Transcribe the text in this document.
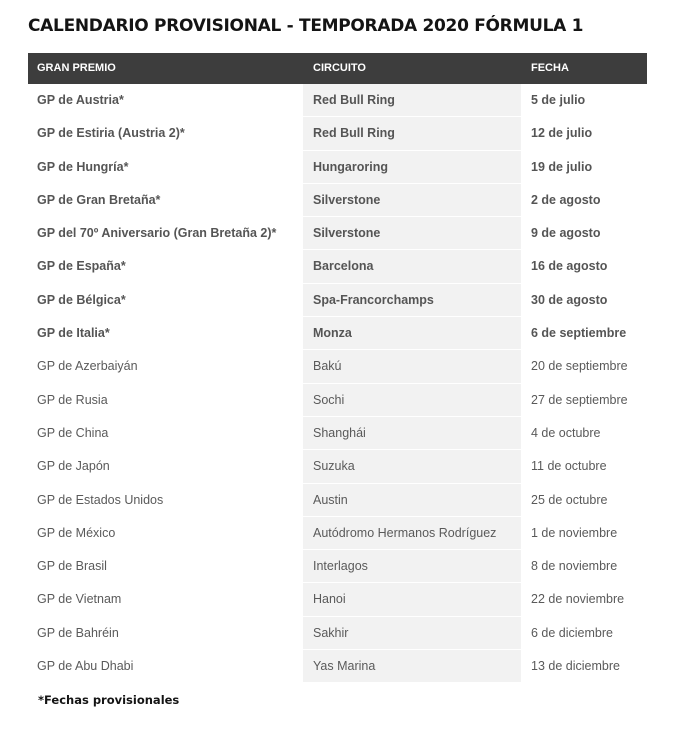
CALENDARIO PROVISIONAL - TEMPORADA 2020 FÓRMULA 1
GRAN PREMIO	CIRCUITO	FECHA
GP de Austria*	Red Bull Ring	5 de julio
GP de Estiria (Austria 2)*	Red Bull Ring	12 de julio
GP de Hungría*	Hungaroring	19 de julio
GP de Gran Bretaña*	Silverstone	2 de agosto
GP del 70º Aniversario (Gran Bretaña 2)*	Silverstone	9 de agosto
GP de España*	Barcelona	16 de agosto
GP de Bélgica*	Spa-Francorchamps	30 de agosto
GP de Italia*	Monza	6 de septiembre
GP de Azerbaiyán	Bakú	20 de septiembre
GP de Rusia	Sochi	27 de septiembre
GP de China	Shanghái	4 de octubre
GP de Japón	Suzuka	11 de octubre
GP de Estados Unidos	Austin	25 de octubre
GP de México	Autódromo Hermanos Rodríguez	1 de noviembre
GP de Brasil	Interlagos	8 de noviembre
GP de Vietnam	Hanoi	22 de noviembre
GP de Bahréin	Sakhir	6 de diciembre
GP de Abu Dhabi	Yas Marina	13 de diciembre
*Fechas provisionales
